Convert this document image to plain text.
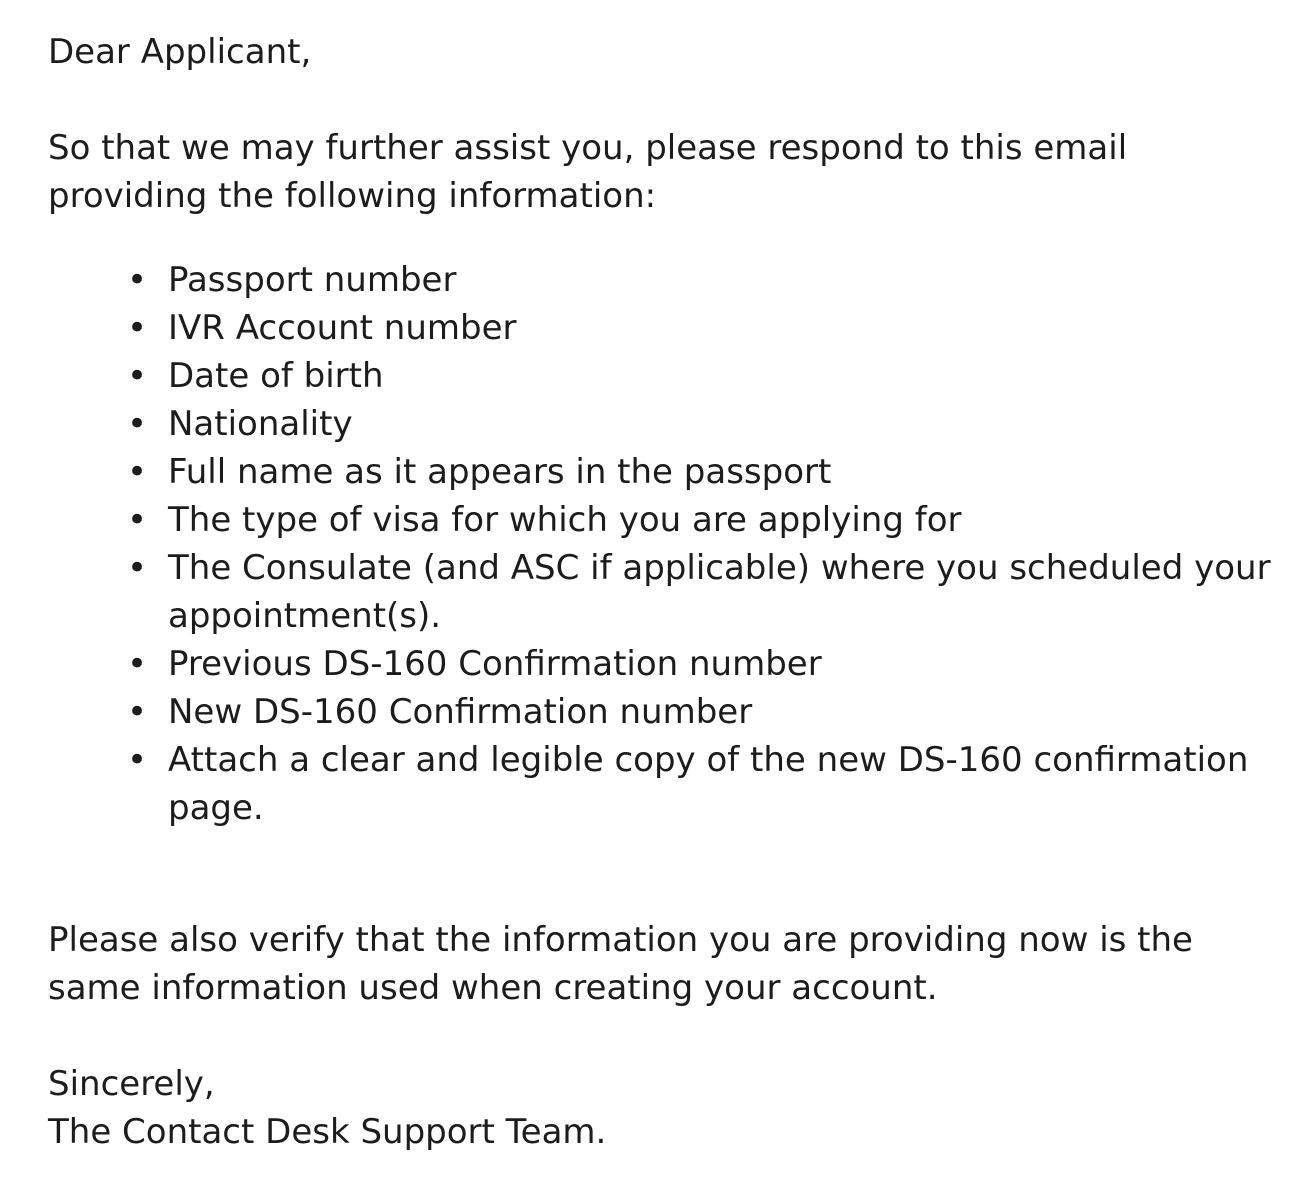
Dear Applicant,

So that we may further assist you, please respond to this email providing the following information:

• Passport number
• IVR Account number
• Date of birth
• Nationality
• Full name as it appears in the passport
• The type of visa for which you are applying for
• The Consulate (and ASC if applicable) where you scheduled your appointment(s).
• Previous DS-160 Confirmation number
• New DS-160 Confirmation number
• Attach a clear and legible copy of the new DS-160 confirmation page.

Please also verify that the information you are providing now is the same information used when creating your account.

Sincerely,

The Contact Desk Support Team.
